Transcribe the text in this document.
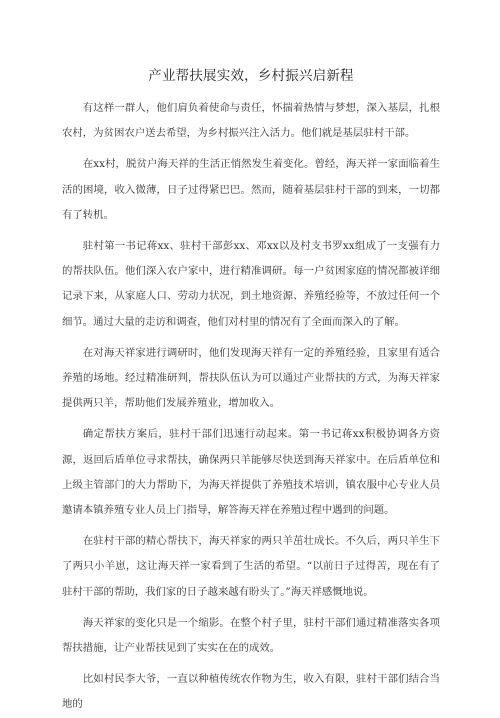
产业帮扶展实效，乡村振兴启新程

有这样一群人，他们肩负着使命与责任，怀揣着热情与梦想，深入基层，扎根农村，为贫困农户送去希望，为乡村振兴注入活力。他们就是基层驻村干部。

在xx村，脱贫户海天祥的生活正悄然发生着变化。曾经，海天祥一家面临着生活的困境，收入微薄，日子过得紧巴巴。然而，随着基层驻村干部的到来，一切都有了转机。

驻村第一书记蒋xx、驻村干部彭xx、邓xx以及村支书罗xx组成了一支强有力的帮扶队伍。他们深入农户家中，进行精准调研。每一户贫困家庭的情况都被详细记录下来，从家庭人口、劳动力状况，到土地资源、养殖经验等，不放过任何一个细节。通过大量的走访和调查，他们对村里的情况有了全面而深入的了解。

在对海天祥家进行调研时，他们发现海天祥有一定的养殖经验，且家里有适合养殖的场地。经过精准研判，帮扶队伍认为可以通过产业帮扶的方式，为海天祥家提供两只羊，帮助他们发展养殖业，增加收入。

确定帮扶方案后，驻村干部们迅速行动起来。第一书记蒋xx积极协调各方资源，返回后盾单位寻求帮扶，确保两只羊能够尽快送到海天祥家中。在后盾单位和上级主管部门的大力帮助下，为海天祥提供了养殖技术培训，镇农服中心专业人员邀请本镇养殖专业人员上门指导，解答海天祥在养殖过程中遇到的问题。

在驻村干部的精心帮扶下，海天祥家的两只羊茁壮成长。不久后，两只羊生下了两只小羊崽，这让海天祥一家看到了生活的希望。“以前日子过得苦，现在有了驻村干部的帮助，我们家的日子越来越有盼头了。”海天祥感慨地说。

海天祥家的变化只是一个缩影。在整个村子里，驻村干部们通过精准落实各项帮扶措施，让产业帮扶见到了实实在在的成效。

比如村民李大爷，一直以种植传统农作物为生，收入有限，驻村干部们结合当地的
